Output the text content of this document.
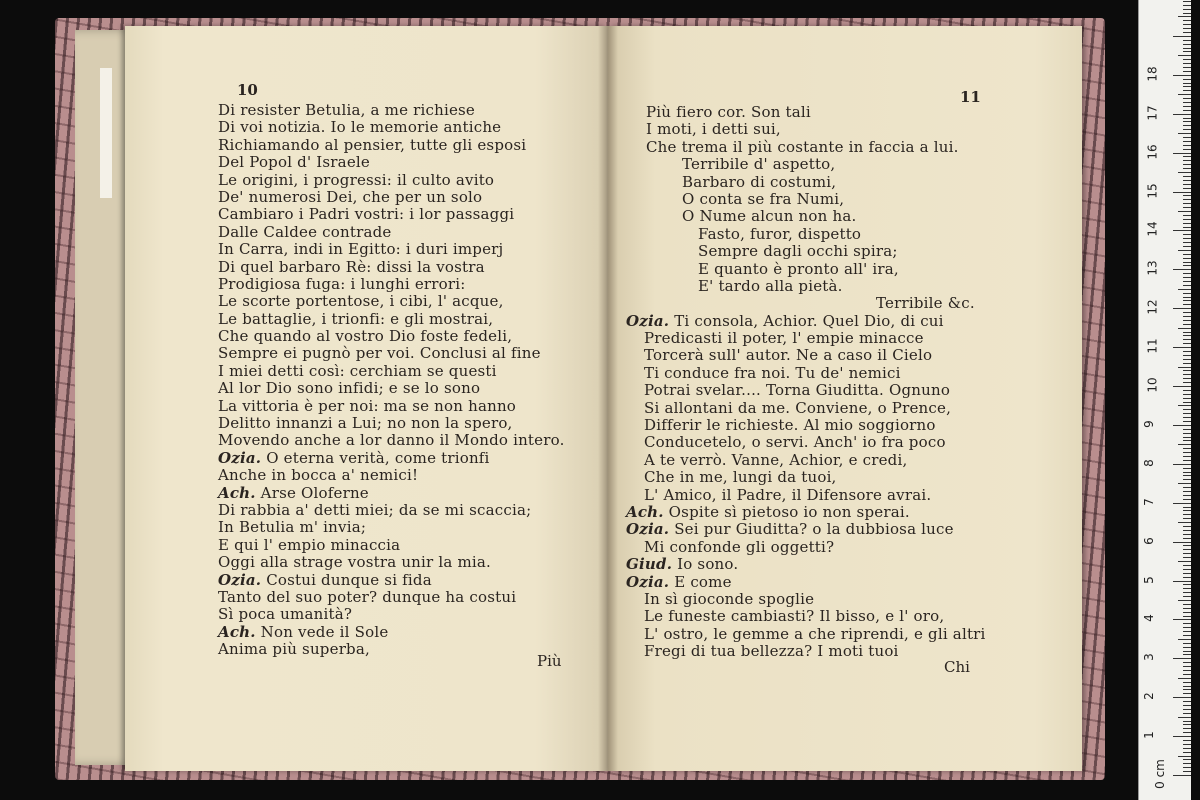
10
Di resister Betulia, a me richiese
Di voi notizia. Io le memorie antiche
Richiamando al pensier, tutte gli esposi
Del Popol d' Israele
Le origini, i progressi: il culto avito
De' numerosi Dei, che per un solo
Cambiaro i Padri vostri: i lor passaggi
Dalle Caldee contrade
In Carra, indi in Egitto: i duri imperj
Di quel barbaro Rè: dissi la vostra
Prodigiosa fuga: i lunghi errori:
Le scorte portentose, i cibi, l' acque,
Le battaglie, i trionfi: e gli mostrai,
Che quando al vostro Dio foste fedeli,
Sempre ei pugnò per voi. Conclusi al fine
I miei detti così: cerchiam se questi
Al lor Dio sono infidi; e se lo sono
La vittoria è per noi: ma se non hanno
Delitto innanzi a Lui; no non la spero,
Movendo anche a lor danno il Mondo intero.
Ozia. O eterna verità, come trionfi
Anche in bocca a' nemici!
Ach. Arse Oloferne
Di rabbia a' detti miei; da se mi scaccia;
In Betulia m' invia;
E qui l' empio minaccia
Oggi alla strage vostra unir la mia.
Ozia. Costui dunque si fida
Tanto del suo poter? dunque ha costui
Sì poca umanità?
Ach. Non vede il Sole
Anima più superba,
Più
11
Più fiero cor. Son tali
I moti, i detti sui,
Che trema il più costante in faccia a lui.
Terribile d' aspetto,
Barbaro di costumi,
O conta se fra Numi,
O Nume alcun non ha.
Fasto, furor, dispetto
Sempre dagli occhi spira;
E quanto è pronto all' ira,
E' tardo alla pietà.
Terribile &c.
Ozia. Ti consola, Achior. Quel Dio, di cui
Predicasti il poter, l' empie minacce
Torcerà sull' autor. Ne a caso il Cielo
Ti conduce fra noi. Tu de' nemici
Potrai svelar.... Torna Giuditta. Ognuno
Si allontani da me. Conviene, o Prence,
Differir le richieste. Al mio soggiorno
Conducetelo, o servi. Anch' io fra poco
A te verrò. Vanne, Achior, e credi,
Che in me, lungi da tuoi,
L' Amico, il Padre, il Difensore avrai.
Ach. Ospite sì pietoso io non sperai.
Ozia. Sei pur Giuditta? o la dubbiosa luce
Mi confonde gli oggetti?
Giud. Io sono.
Ozia. E come
In sì gioconde spoglie
Le funeste cambiasti? Il bisso, e l' oro,
L' ostro, le gemme a che riprendi, e gli altri
Fregi di tua bellezza? I moti tuoi
Chi
0 cm
1
2
3
4
5
6
7
8
9
10
11
12
13
14
15
16
17
18
